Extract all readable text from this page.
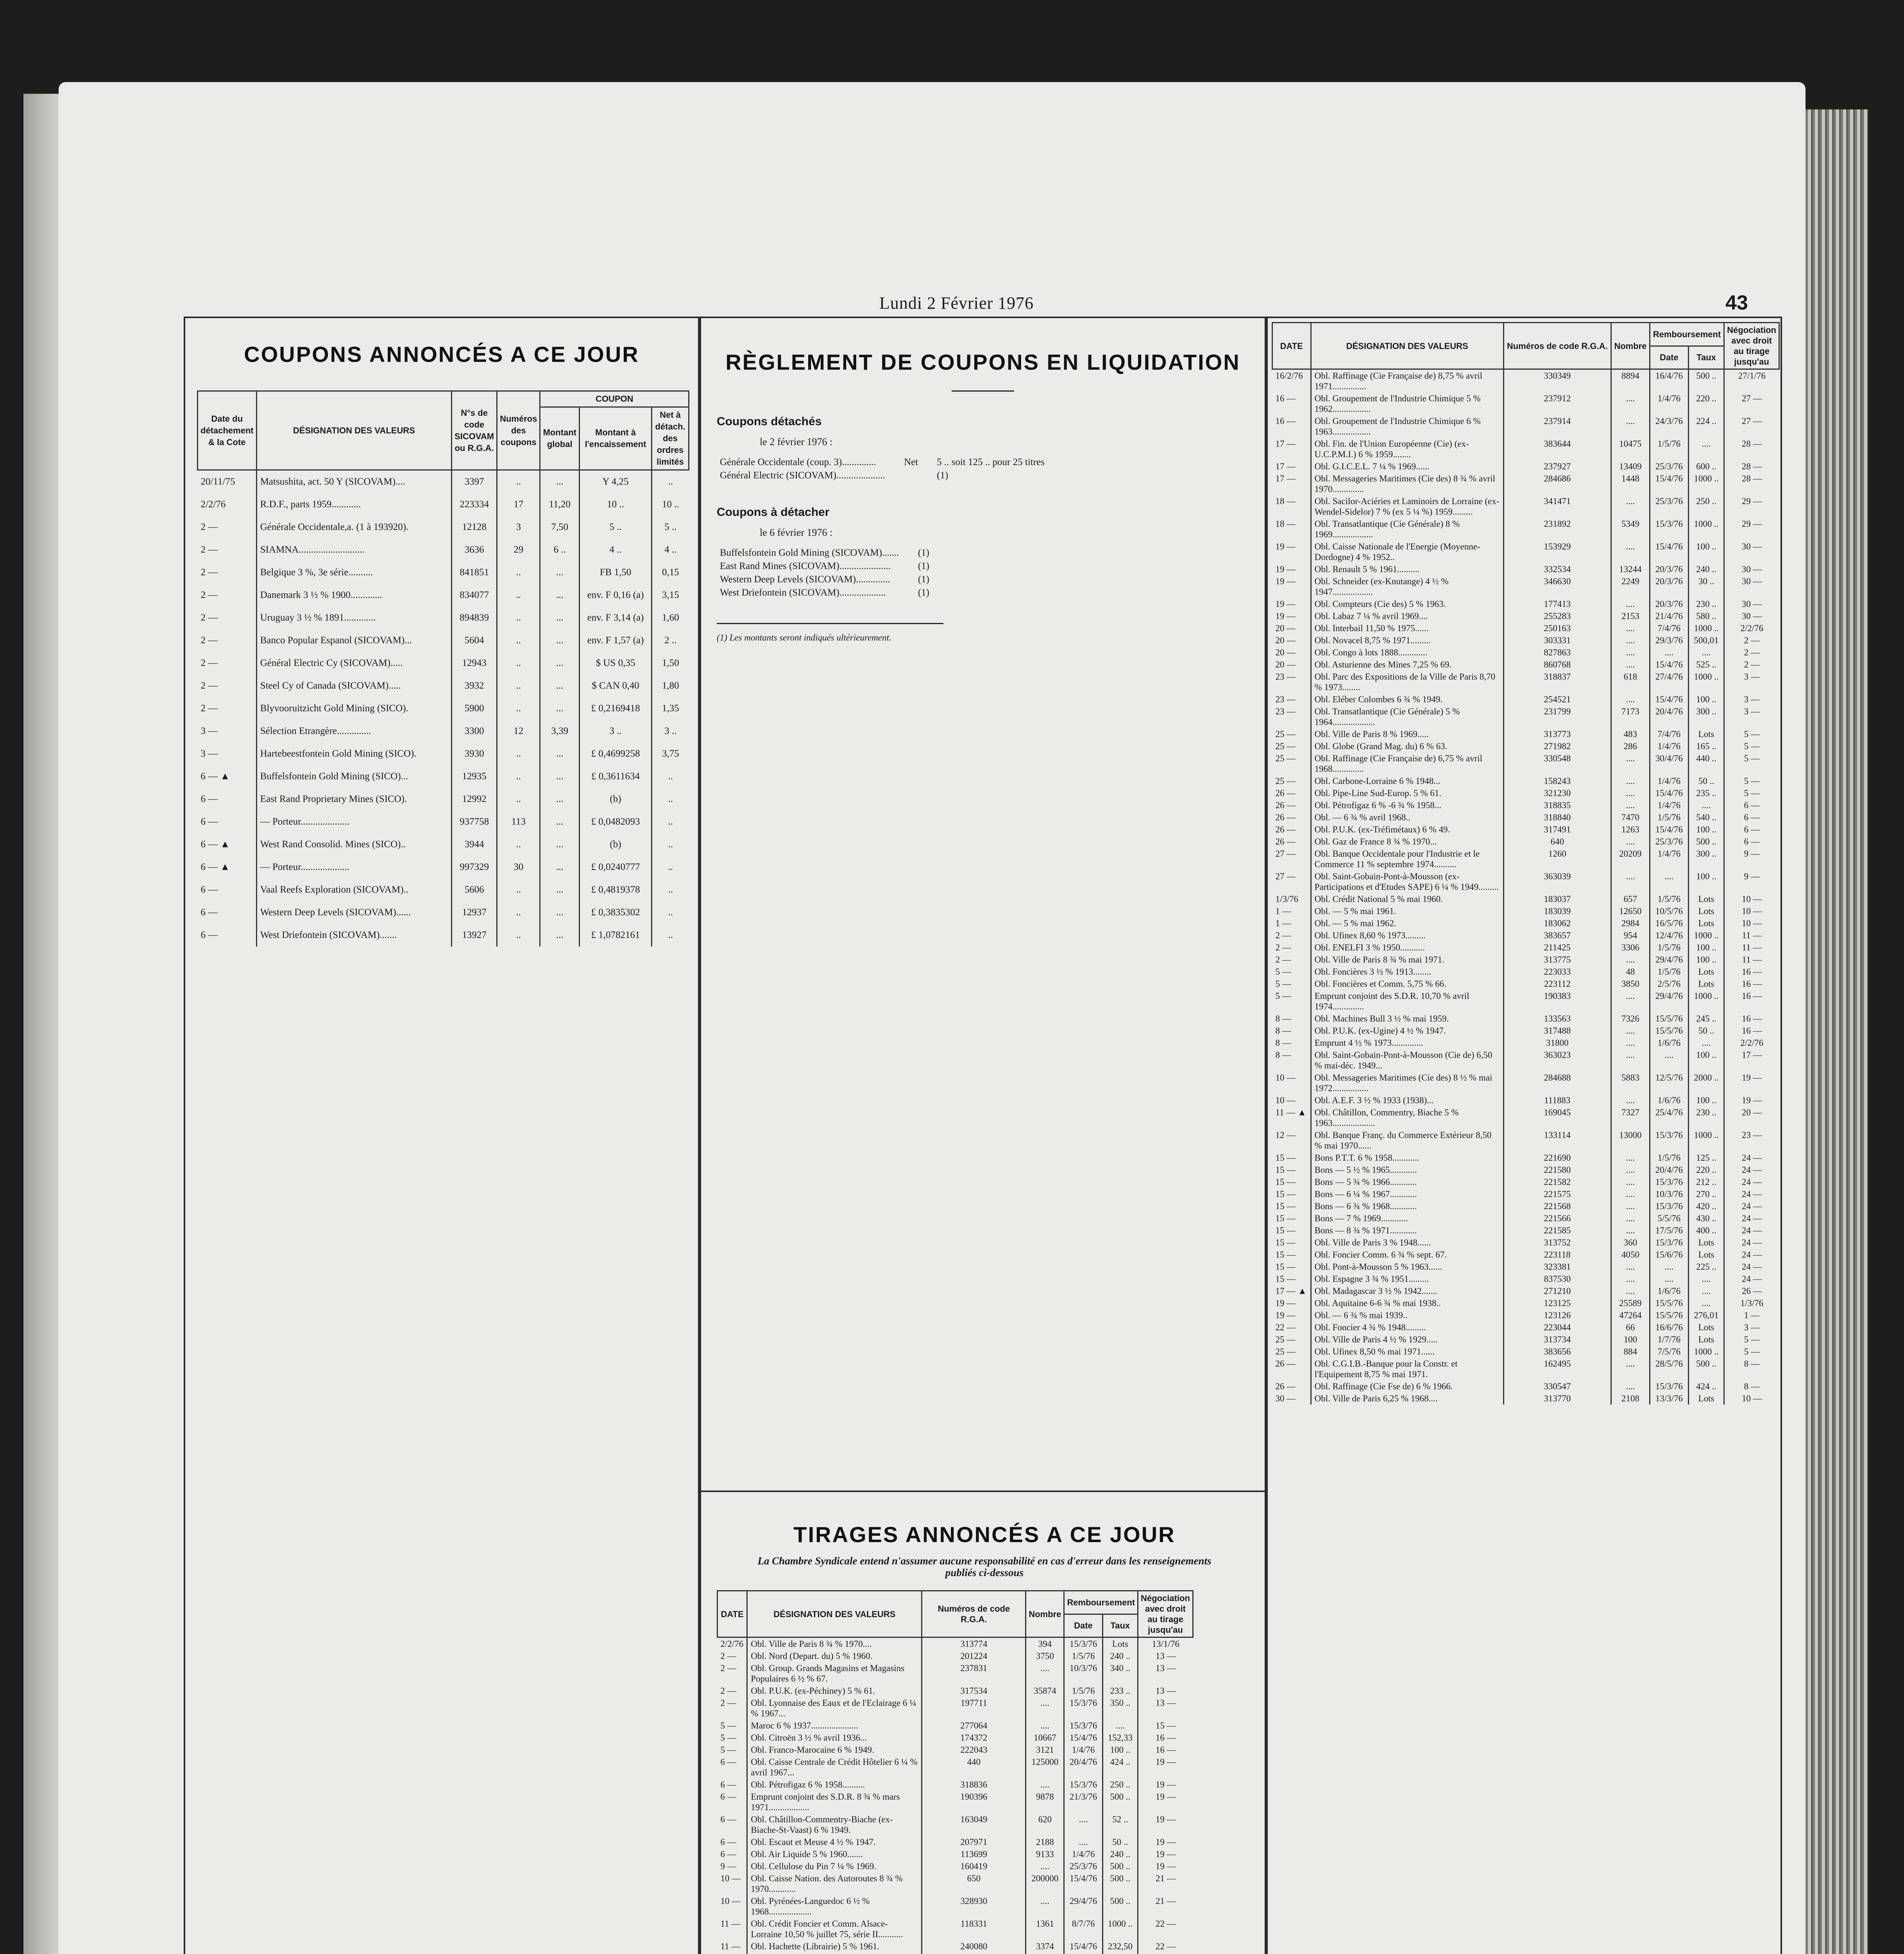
Lundi 2 Février 1976	43
COUPONS ANNONCÉS A CE JOUR
Date du détachement & la Cote	DÉSIGNATION DES VALEURS	N°s de code SICOVAM ou R.G.A.	Numéros des coupons	COUPON		
				Montant global	Montant à l'encaissement	Net à détach. des ordres limités
20/11/75	Matsushita, act. 50 Y (SICOVAM)....	3397	..	...	Y 4,25	..
2/2/76	R.D.F., parts 1959............	223334	17	11,20	10 ..	10 ..
2 —	Générale Occidentale,a. (1 à 193920).	12128	3	7,50	5 ..	5 ..
2 —	SIAMNA...........................	3636	29	6 ..	4 ..	4 ..
2 —	Belgique 3 %, 3e série..........	841851	..	...	FB 1,50	0,15
2 —	Danemark 3 ½ % 1900.............	834077	..	...	env. F 0,16 (a)	3,15
2 —	Uruguay 3 ½ % 1891.............	894839	..	...	env. F 3,14 (a)	1,60
2 —	Banco Popular Espanol (SICOVAM)...	5604	..	...	env. F 1,57 (a)	2 ..
2 —	Général Electric Cy (SICOVAM).....	12943	..	...	$ US 0,35	1,50
2 —	Steel Cy of Canada (SICOVAM).....	3932	..	...	$ CAN 0,40	1,80
2 —	Blyvooruitzicht Gold Mining (SICO).	5900	..	...	£ 0,2169418	1,35
3 —	Sélection Etrangère..............	3300	12	3,39	3 ..	3 ..
3 —	Hartebeestfontein Gold Mining (SICO).	3930	..	...	£ 0,4699258	3,75
6 — ▲	Buffelsfontein Gold Mining (SICO)...	12935	..	...	£ 0,3611634	..
6 —	East Rand Proprietary Mines (SICO).	12992	..	...	(b)	..
6 —	— Porteur....................	937758	113	...	£ 0,0482093	..
6 — ▲	West Rand Consolid. Mines (SICO)..	3944	..	...	(b)	..
6 — ▲	— Porteur....................	997329	30	...	£ 0,0240777	..
6 —	Vaal Reefs Exploration (SICOVAM)..	5606	..	...	£ 0,4819378	..
6 —	Western Deep Levels (SICOVAM)......	12937	..	...	£ 0,3835302	..
6 —	West Driefontein (SICOVAM).......	13927	..	...	£ 1,0782161	..
RÈGLEMENT DE COUPONS EN LIQUIDATION
Coupons détachés
le 2 février 1976 :
Générale Occidentale (coup. 3)..............	Net	5 .. soit 125 .. pour 25 titres
Général Electric (SICOVAM)....................		(1)
Coupons à détacher
le 6 février 1976 :
Buffelsfontein Gold Mining (SICOVAM).......	(1)
East Rand Mines (SICOVAM).....................	(1)
Western Deep Levels (SICOVAM)..............	(1)
West Driefontein (SICOVAM)...................	(1)
(1) Les montants seront indiqués ultérieurement.
TIRAGES ANNONCÉS A CE JOUR
La Chambre Syndicale entend n'assumer aucune responsabilité en cas d'erreur dans les renseignements publiés ci-dessous
DATE	DÉSIGNATION DES VALEURS	Numéros de code R.G.A.	Nombre	Remboursement		Négociation avec droit au tirage jusqu'au
				Date	Taux	
2/2/76	Obl. Ville de Paris 8 ¾ % 1970....	313774	394	15/3/76	Lots	13/1/76
2 —	Obl. Nord (Depart. du) 5 % 1960.	201224	3750	1/5/76	240 ..	13 —
2 —	Obl. Group. Grands Magasins et Magasins Populaires 6 ½ % 67.	237831	....	10/3/76	340 ..	13 —
2 —	Obl. P.U.K. (ex-Péchiney) 5 % 61.	317534	35874	1/5/76	233 ..	13 —
2 —	Obl. Lyonnaise des Eaux et de l'Eclairage 6 ¼ % 1967...	197711	....	15/3/76	350 ..	13 —
5 —	Maroc 6 % 1937.....................	277064	....	15/3/76	....	15 —
5 —	Obl. Citroën 3 ½ % avril 1936...	174372	10667	15/4/76	152,33	16 —
5 —	Obl. Franco-Marocaine 6 % 1949.	222043	3121	1/4/76	100 ..	16 —
6 —	Obl. Caisse Centrale de Crédit Hôtelier 6 ¼ % avril 1967...	440	125000	20/4/76	424 ..	19 —
6 —	Obl. Pétrofigaz 6 % 1958..........	318836	....	15/3/76	250 ..	19 —
6 —	Emprunt conjoint des S.D.R. 8 ¾ % mars 1971..................	190396	9878	21/3/76	500 ..	19 —
6 —	Obl. Châtillon-Commentry-Biache (ex-Biache-St-Vaast) 6 % 1949.	163049	620	....	52 ..	19 —
6 —	Obl. Escaut et Meuse 4 ½ % 1947.	207971	2188	....	50 ..	19 —
6 —	Obl. Air Liquide 5 % 1960.......	113699	9133	1/4/76	240 ..	19 —
9 —	Obl. Cellulose du Pin 7 ¼ % 1969.	160419	....	25/3/76	500 ..	19 —
10 —	Obl. Caisse Nation. des Autoroutes 8 ¾ % 1970............	650	200000	15/4/76	500 ..	21 —
10 —	Obl. Pyrénées-Languedoc 6 ½ % 1968...................	328930	....	29/4/76	500 ..	21 —
11 —	Obl. Crédit Foncier et Comm. Alsace-Lorraine 10,50 % juillet 75, série II...........	118331	1361	8/7/76	1000 ..	22 —
11 —	Obl. Hachette (Librairie) 5 % 1961.	240080	3374	15/4/76	232,50	22 —

DATE	DÉSIGNATION DES VALEURS	Numéros de code R.G.A.	Nombre	Remboursement		Négociation avec droit au tirage jusqu'au
				Date	Taux	
16/2/76	Obl. Raffinage (Cie Française de) 8,75 % avril 1971...............	330349	8894	16/4/76	500 ..	27/1/76
16 —	Obl. Groupement de l'Industrie Chimique 5 % 1962.................	237912	....	1/4/76	220 ..	27 —
16 —	Obl. Groupement de l'Industrie Chimique 6 % 1963.................	237914	....	24/3/76	224 ..	27 —
17 —	Obl. Fin. de l'Union Européenne (Cie) (ex-U.C.P.M.I.) 6 % 1959........	383644	10475	1/5/76	....	28 —
17 —	Obl. G.I.C.E.L. 7 ¼ % 1969......	237927	13409	25/3/76	600 ..	28 —
17 —	Obl. Messageries Maritimes (Cie des) 8 ¾ % avril 1970..............	284686	1448	15/4/76	1000 ..	28 —
18 —	Obl. Sacilor-Aciéries et Laminoirs de Lorraine (ex-Wendel-Sidelor) 7 % (ex 5 ¼ %) 1959.........	341471	....	25/3/76	250 ..	29 —
18 —	Obl. Transatlantique (Cie Générale) 8 % 1969..................	231892	5349	15/3/76	1000 ..	29 —
19 —	Obl. Caisse Nationale de l'Energie (Moyenne-Dordogne) 4 % 1952..	153929	....	15/4/76	100 ..	30 —
19 —	Obl. Renault 5 % 1961..........	332534	13244	20/3/76	240 ..	30 —
19 —	Obl. Schneider (ex-Knutange) 4 ½ % 1947..................	346630	2249	20/3/76	30 ..	30 —
19 —	Obl. Compteurs (Cie des) 5 % 1963.	177413	....	20/3/76	230 ..	30 —
19 —	Obl. Labaz 7 ¼ % avril 1969....	255283	2153	21/4/76	580 ..	30 —
20 —	Obl. Interbail 11,50 % 1975......	250163	....	7/4/76	1000 ..	2/2/76
20 —	Obl. Novacel 8,75 % 1971.........	303331	....	29/3/76	500,01	2 —
20 —	Obl. Congo à lots 1888.............	827863	....	....	....	2 —
20 —	Obl. Asturienne des Mines 7,25 % 69.	860768	....	15/4/76	525 ..	2 —
23 —	Obl. Parc des Expositions de la Ville de Paris 8,70 % 1973........	318837	618	27/4/76	1000 ..	3 —
23 —	Obl. Eléber Colombes 6 ¾ % 1949.	254521	....	15/4/76	100 ..	3 —
23 —	Obl. Transatlantique (Cie Générale) 5 % 1964...................	231799	7173	20/4/76	300 ..	3 —
25 —	Obl. Ville de Paris 8 % 1969.....	313773	483	7/4/76	Lots	5 —
25 —	Obl. Globe (Grand Mag. du) 6 % 63.	271982	286	1/4/76	165 ..	5 —
25 —	Obl. Raffinage (Cie Française de) 6,75 % avril 1968..............	330548	....	30/4/76	440 ..	5 —
25 —	Obl. Carbone-Lorraine 6 % 1948...	158243	....	1/4/76	50 ..	5 —
26 —	Obl. Pipe-Line Sud-Europ. 5 % 61.	321230	....	15/4/76	235 ..	5 —
26 —	Obl. Pétrofigaz 6 % -6 ¾ % 1958...	318835	....	1/4/76	....	6 —
26 —	Obl. — 6 ¾ % avril 1968..	318840	7470	1/5/76	540 ..	6 —
26 —	Obl. P.U.K. (ex-Tréfimétaux) 6 % 49.	317491	1263	15/4/76	100 ..	6 —
26 —	Obl. Gaz de France 8 ¾ % 1970...	640	....	25/3/76	500 ..	6 —
27 —	Obl. Banque Occidentale pour l'Industrie et le Commerce 11 % septembre 1974..........	1260	20209	1/4/76	300 ..	9 —
27 —	Obl. Saint-Gobain-Pont-à-Mousson (ex-Participations et d'Etudes SAPE) 6 ¼ % 1949.........	363039	....	....	100 ..	9 —
1/3/76	Obl. Crédit National 5 % mai 1960.	183037	657	1/5/76	Lots	10 —
1 —	Obl. — 5 % mai 1961.	183039	12650	10/5/76	Lots	10 —
1 —	Obl. — 5 % mai 1962.	183062	2984	16/5/76	Lots	10 —
2 —	Obl. Ufinex 8,60 % 1973.........	383657	954	12/4/76	1000 ..	11 —
2 —	Obl. ENELFI 3 % 1950...........	211425	3306	1/5/76	100 ..	11 —
2 —	Obl. Ville de Paris 8 ¾ % mai 1971.	313775	....	29/4/76	100 ..	11 —
5 —	Obl. Foncières 3 ½ % 1913........	223033	48	1/5/76	Lots	16 —
5 —	Obl. Foncières et Comm. 5,75 % 66.	223112	3850	2/5/76	Lots	16 —
5 —	Emprunt conjoint des S.D.R. 10,70 % avril 1974..............	190383	....	29/4/76	1000 ..	16 —
8 —	Obl. Machines Bull 3 ½ % mai 1959.	133563	7326	15/5/76	245 ..	16 —
8 —	Obl. P.U.K. (ex-Ugine) 4 ½ % 1947.	317488	....	15/5/76	50 ..	16 —
8 —	Emprunt 4 ½ % 1973..............	31800	....	1/6/76	....	2/2/76
8 —	Obl. Saint-Gobain-Pont-à-Mousson (Cie de) 6,50 % mai-déc. 1949...	363023	....	....	100 ..	17 —
10 —	Obl. Messageries Maritimes (Cie des) 8 ½ % mai 1972................	284688	5883	12/5/76	2000 ..	19 —
10 —	Obl. A.E.F. 3 ½ % 1933 (1938)...	111883	....	1/6/76	100 ..	19 —
11 — ▲	Obl. Châtillon, Commentry, Biache 5 % 1963...................	169045	7327	25/4/76	230 ..	20 —
12 —	Obl. Banque Franç. du Commerce Extérieur 8,50 % mai 1970......	133114	13000	15/3/76	1000 ..	23 —
15 —	Bons P.T.T. 6 % 1958............	221690	....	1/5/76	125 ..	24 —
15 —	Bons — 5 ½ % 1965............	221580	....	20/4/76	220 ..	24 —
15 —	Bons — 5 ¾ % 1966............	221582	....	15/3/76	212 ..	24 —
15 —	Bons — 6 ¼ % 1967............	221575	....	10/3/76	270 ..	24 —
15 —	Bons — 6 ¾ % 1968............	221568	....	15/3/76	420 ..	24 —
15 —	Bons — 7 % 1969............	221566	....	5/5/76	430 ..	24 —
15 —	Bons — 8 ¾ % 1971............	221585	....	17/5/76	400 ..	24 —
15 —	Obl. Ville de Paris 3 % 1948......	313752	360	15/3/76	Lots	24 —
15 —	Obl. Foncier Comm. 6 ¾ % sept. 67.	223118	4050	15/6/76	Lots	24 —
15 —	Obl. Pont-à-Mousson 5 % 1963......	323381	....	....	225 ..	24 —
15 —	Obl. Espagne 3 ¾ % 1951.........	837530	....	....	....	24 —
17 — ▲	Obl. Madagascar 3 ½ % 1942.......	271210	....	1/6/76	....	26 —
19 —	Obl. Aquitaine 6-6 ¾ % mai 1938..	123125	25589	15/5/76	....	1/3/76
19 —	Obl. — 6 ¾ % mai 1939..	123126	47264	15/5/76	276,01	1 —
22 —	Obl. Foncier 4 ¾ % 1948.........	223044	66	16/6/76	Lots	3 —
25 —	Obl. Ville de Paris 4 ½ % 1929.....	313734	100	1/7/76	Lots	5 —
25 —	Obl. Ufinex 8,50 % mai 1971......	383656	884	7/5/76	1000 ..	5 —
26 —	Obl. C.G.I.B.-Banque pour la Constr. et l'Equipement 8,75 % mai 1971.	162495	....	28/5/76	500 ..	8 —
26 —	Obl. Raffinage (Cie Fse de) 6 % 1966.	330547	....	15/3/76	424 ..	8 —
30 —	Obl. Ville de Paris 6,25 % 1968....	313770	2108	13/3/76	Lots	10 —
